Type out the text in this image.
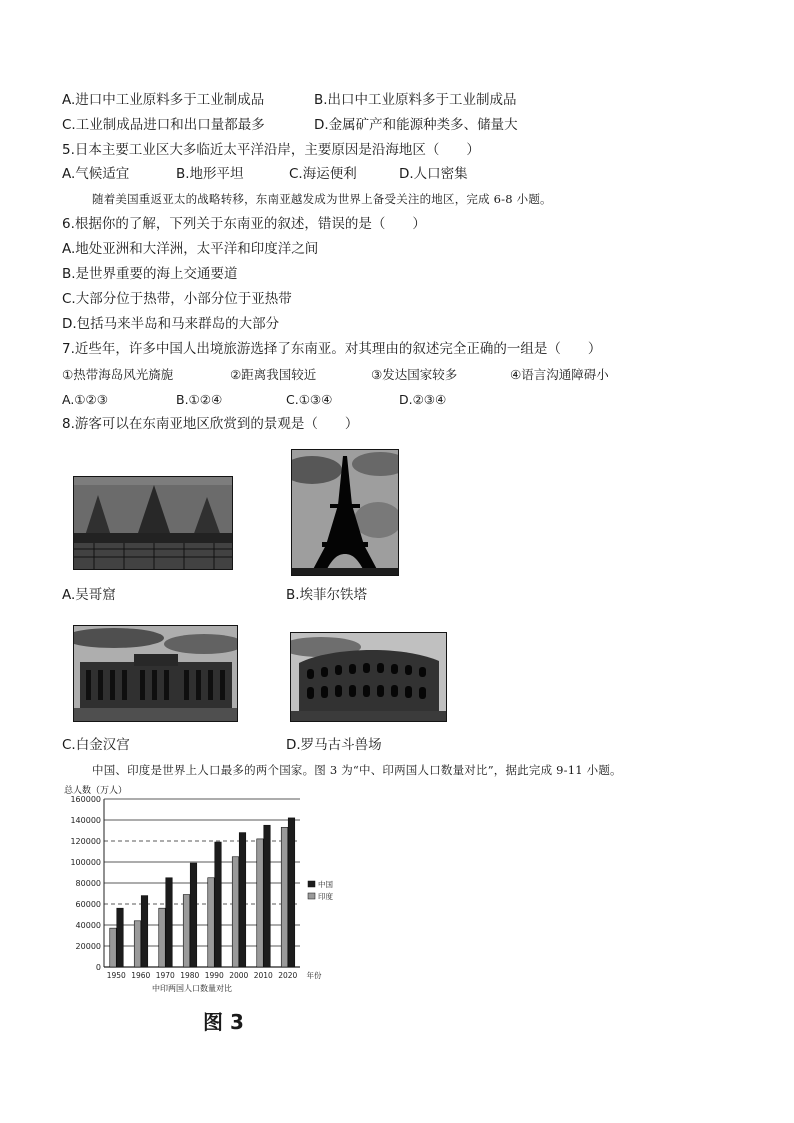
A.进口中工业原料多于工业制成品	B.出口中工业原料多于工业制成品
C.工业制成品进口和出口量都最多	D.金属矿产和能源种类多、储量大
5.日本主要工业区大多临近太平洋沿岸，主要原因是沿海地区（　　）
A.气候适宜	B.地形平坦	C.海运便利	D.人口密集
随着美国重返亚太的战略转移，东南亚越发成为世界上备受关注的地区，完成 6-8 小题。
6.根据你的了解，下列关于东南亚的叙述，错误的是（　　）
A.地处亚洲和大洋洲，太平洋和印度洋之间
B.是世界重要的海上交通要道
C.大部分位于热带，小部分位于亚热带
D.包括马来半岛和马来群岛的大部分
7.近些年，许多中国人出境旅游选择了东南亚。对其理由的叙述完全正确的一组是（　　）
①热带海岛风光旖旎	②距离我国较近	③发达国家较多	④语言沟通障碍小
A.①②③	B.①②④	C.①③④	D.②③④
8.游客可以在东南亚地区欣赏到的景观是（　　）
A.吴哥窟	B.埃菲尔铁塔
C.白金汉宫	D.罗马古斗兽场
中国、印度是世界上人口最多的两个国家。图 3 为“中、印两国人口数量对比”，据此完成 9-11 小题。
总人数（万人）
0
20000
40000
60000
80000
100000
120000
140000
160000
1950 1960 1970 1980 1990 2000 2010 2020 年份
中印两国人口数量对比
中国
印度
图 3
